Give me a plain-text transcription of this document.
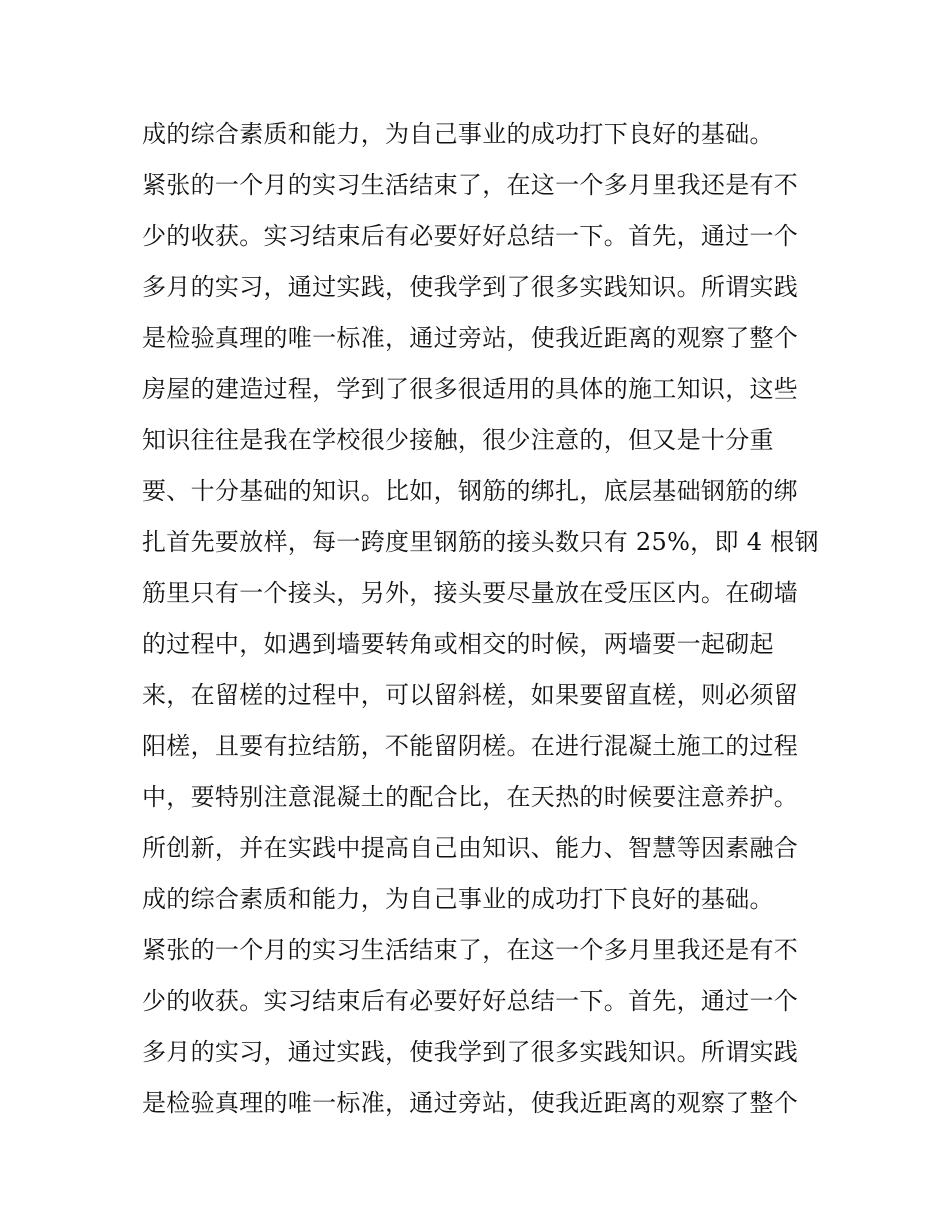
成的综合素质和能力，为自己事业的成功打下良好的基础。
紧张的一个月的实习生活结束了，在这一个多月里我还是有不
少的收获。实习结束后有必要好好总结一下。首先，通过一个
多月的实习，通过实践，使我学到了很多实践知识。所谓实践
是检验真理的唯一标准，通过旁站，使我近距离的观察了整个
房屋的建造过程，学到了很多很适用的具体的施工知识，这些
知识往往是我在学校很少接触，很少注意的，但又是十分重
要、十分基础的知识。比如，钢筋的绑扎，底层基础钢筋的绑
扎首先要放样，每一跨度里钢筋的接头数只有 25%，即 4 根钢
筋里只有一个接头，另外，接头要尽量放在受压区内。在砌墙
的过程中，如遇到墙要转角或相交的时候，两墙要一起砌起
来，在留槎的过程中，可以留斜槎，如果要留直槎，则必须留
阳槎，且要有拉结筋，不能留阴槎。在进行混凝土施工的过程
中，要特别注意混凝土的配合比，在天热的时候要注意养护。
所创新，并在实践中提高自己由知识、能力、智慧等因素融合
成的综合素质和能力，为自己事业的成功打下良好的基础。
紧张的一个月的实习生活结束了，在这一个多月里我还是有不
少的收获。实习结束后有必要好好总结一下。首先，通过一个
多月的实习，通过实践，使我学到了很多实践知识。所谓实践
是检验真理的唯一标准，通过旁站，使我近距离的观察了整个
